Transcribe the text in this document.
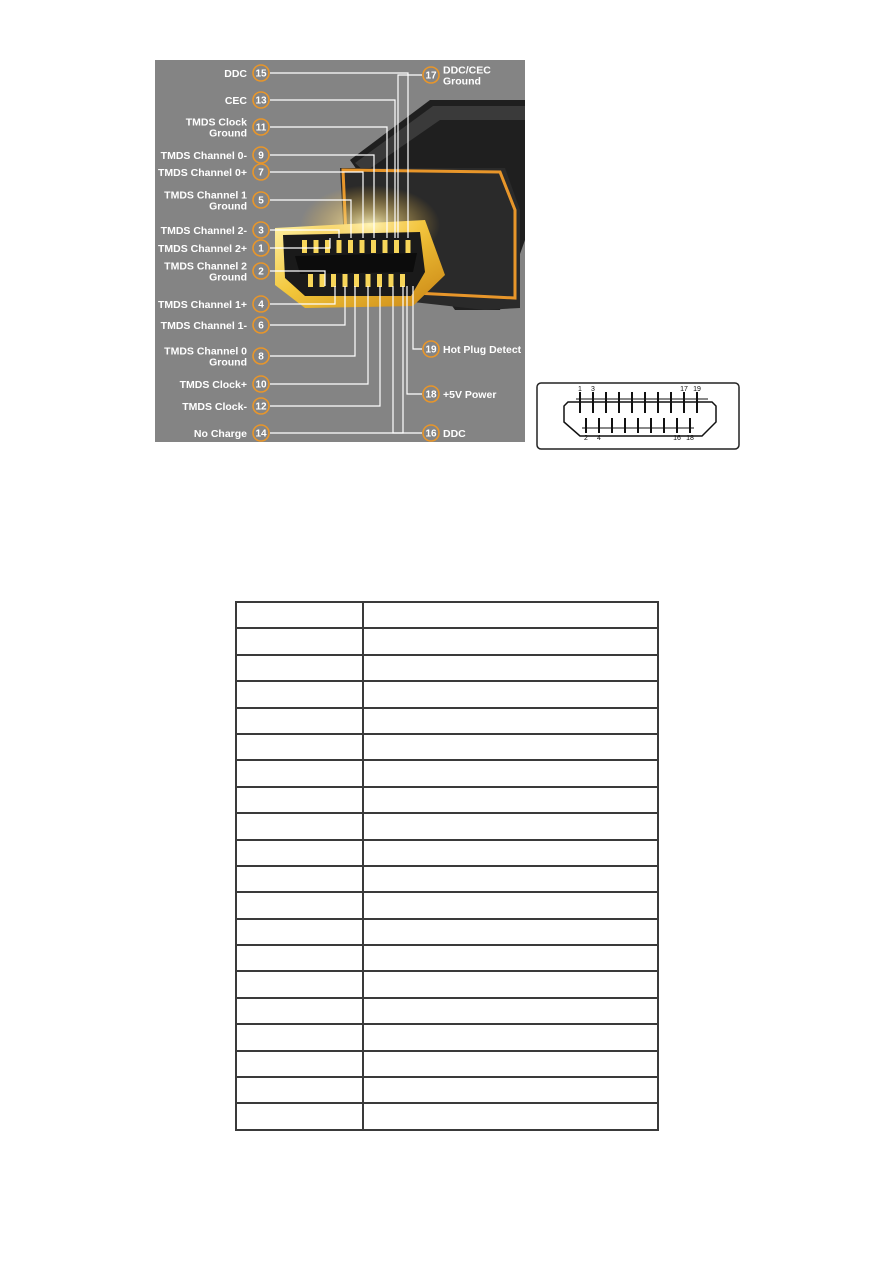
15
DDC
13
CEC
11
TMDS Clock
Ground
9
TMDS Channel 0-
7
TMDS Channel 0+
5
TMDS Channel 1
Ground
3
TMDS Channel 2-
1
TMDS Channel 2+
2
TMDS Channel 2
Ground
4
TMDS Channel 1+
6
TMDS Channel 1-
8
TMDS Channel 0
Ground
10
TMDS Clock+
12
TMDS Clock-
14
No Charge
17 DDC/CEC
Ground
19 Hot Plug Detect
18 +5V Power
16 DDC
1 3	17 19
2 4	16 18
